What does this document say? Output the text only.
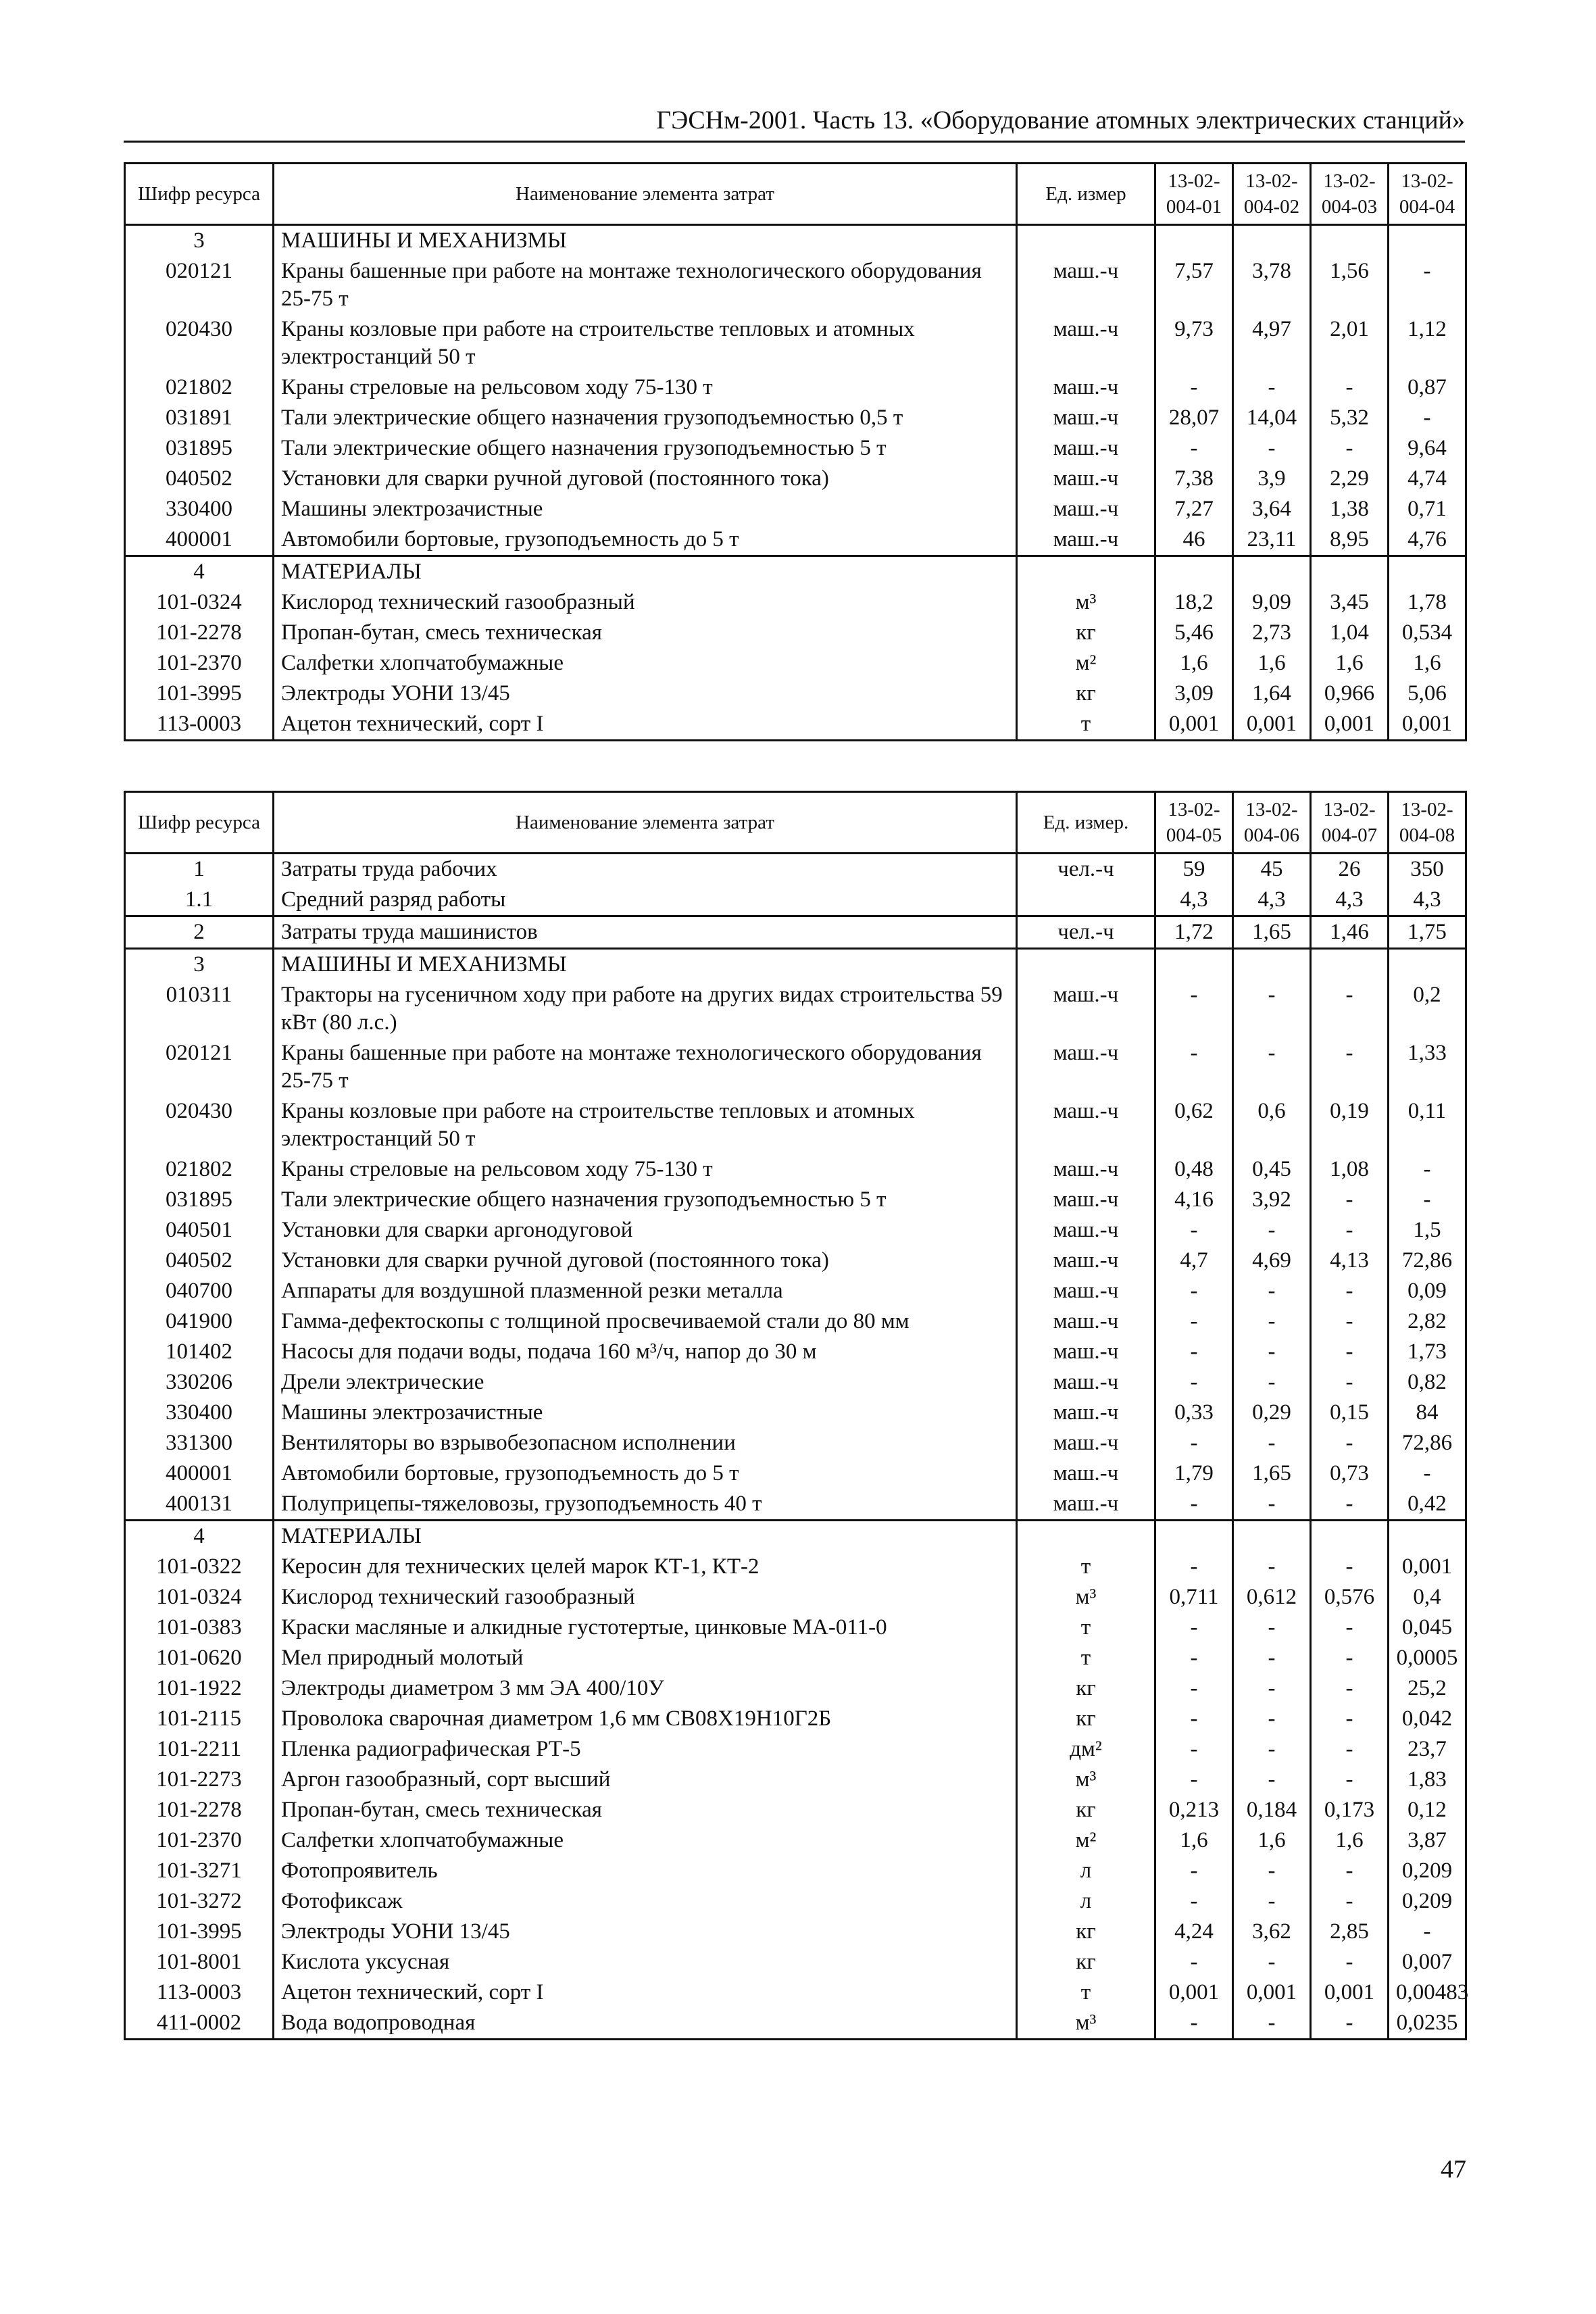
ГЭСНм-2001. Часть 13. «Оборудование атомных электрических станций»
Шифр ресурса	Наименование элемента затрат	Ед. измер	13-02-004-01	13-02-004-02	13-02-004-03	13-02-004-04
3	МАШИНЫ И МЕХАНИЗМЫ					
020121	Краны башенные при работе на монтаже технологического оборудования 25-75 т	маш.-ч	7,57	3,78	1,56	-
020430	Краны козловые при работе на строительстве тепловых и атомных электростанций 50 т	маш.-ч	9,73	4,97	2,01	1,12
021802	Краны стреловые на рельсовом ходу 75-130 т	маш.-ч	-	-	-	0,87
031891	Тали электрические общего назначения грузоподъемностью 0,5 т	маш.-ч	28,07	14,04	5,32	-
031895	Тали электрические общего назначения грузоподъемностью 5 т	маш.-ч	-	-	-	9,64
040502	Установки для сварки ручной дуговой (постоянного тока)	маш.-ч	7,38	3,9	2,29	4,74
330400	Машины электрозачистные	маш.-ч	7,27	3,64	1,38	0,71
400001	Автомобили бортовые, грузоподъемность до 5 т	маш.-ч	46	23,11	8,95	4,76
4	МАТЕРИАЛЫ					
101-0324	Кислород технический газообразный	м³	18,2	9,09	3,45	1,78
101-2278	Пропан-бутан, смесь техническая	кг	5,46	2,73	1,04	0,534
101-2370	Салфетки хлопчатобумажные	м²	1,6	1,6	1,6	1,6
101-3995	Электроды УОНИ 13/45	кг	3,09	1,64	0,966	5,06
113-0003	Ацетон технический, сорт I	т	0,001	0,001	0,001	0,001
Шифр ресурса	Наименование элемента затрат	Ед. измер.	13-02-004-05	13-02-004-06	13-02-004-07	13-02-004-08
1	Затраты труда рабочих	чел.-ч	59	45	26	350
1.1	Средний разряд работы		4,3	4,3	4,3	4,3
2	Затраты труда машинистов	чел.-ч	1,72	1,65	1,46	1,75
3	МАШИНЫ И МЕХАНИЗМЫ					
010311	Тракторы на гусеничном ходу при работе на других видах строительства 59 кВт (80 л.с.)	маш.-ч	-	-	-	0,2
020121	Краны башенные при работе на монтаже технологического оборудования 25-75 т	маш.-ч	-	-	-	1,33
020430	Краны козловые при работе на строительстве тепловых и атомных электростанций 50 т	маш.-ч	0,62	0,6	0,19	0,11
021802	Краны стреловые на рельсовом ходу 75-130 т	маш.-ч	0,48	0,45	1,08	-
031895	Тали электрические общего назначения грузоподъемностью 5 т	маш.-ч	4,16	3,92	-	-
040501	Установки для сварки аргонодуговой	маш.-ч	-	-	-	1,5
040502	Установки для сварки ручной дуговой (постоянного тока)	маш.-ч	4,7	4,69	4,13	72,86
040700	Аппараты для воздушной плазменной резки металла	маш.-ч	-	-	-	0,09
041900	Гамма-дефектоскопы с толщиной просвечиваемой стали до 80 мм	маш.-ч	-	-	-	2,82
101402	Насосы для подачи воды, подача 160 м³/ч, напор до 30 м	маш.-ч	-	-	-	1,73
330206	Дрели электрические	маш.-ч	-	-	-	0,82
330400	Машины электрозачистные	маш.-ч	0,33	0,29	0,15	84
331300	Вентиляторы во взрывобезопасном исполнении	маш.-ч	-	-	-	72,86
400001	Автомобили бортовые, грузоподъемность до 5 т	маш.-ч	1,79	1,65	0,73	-
400131	Полуприцепы-тяжеловозы, грузоподъемность 40 т	маш.-ч	-	-	-	0,42
4	МАТЕРИАЛЫ					
101-0322	Керосин для технических целей марок КТ-1, КТ-2	т	-	-	-	0,001
101-0324	Кислород технический газообразный	м³	0,711	0,612	0,576	0,4
101-0383	Краски масляные и алкидные густотертые, цинковые МА-011-0	т	-	-	-	0,045
101-0620	Мел природный молотый	т	-	-	-	0,0005
101-1922	Электроды диаметром 3 мм ЭА 400/10У	кг	-	-	-	25,2
101-2115	Проволока сварочная диаметром 1,6 мм СВ08Х19Н10Г2Б	кг	-	-	-	0,042
101-2211	Пленка радиографическая РТ-5	дм²	-	-	-	23,7
101-2273	Аргон газообразный, сорт высший	м³	-	-	-	1,83
101-2278	Пропан-бутан, смесь техническая	кг	0,213	0,184	0,173	0,12
101-2370	Салфетки хлопчатобумажные	м²	1,6	1,6	1,6	3,87
101-3271	Фотопроявитель	л	-	-	-	0,209
101-3272	Фотофиксаж	л	-	-	-	0,209
101-3995	Электроды УОНИ 13/45	кг	4,24	3,62	2,85	-
101-8001	Кислота уксусная	кг	-	-	-	0,007
113-0003	Ацетон технический, сорт I	т	0,001	0,001	0,001	0,00483
411-0002	Вода водопроводная	м³	-	-	-	0,0235
47
